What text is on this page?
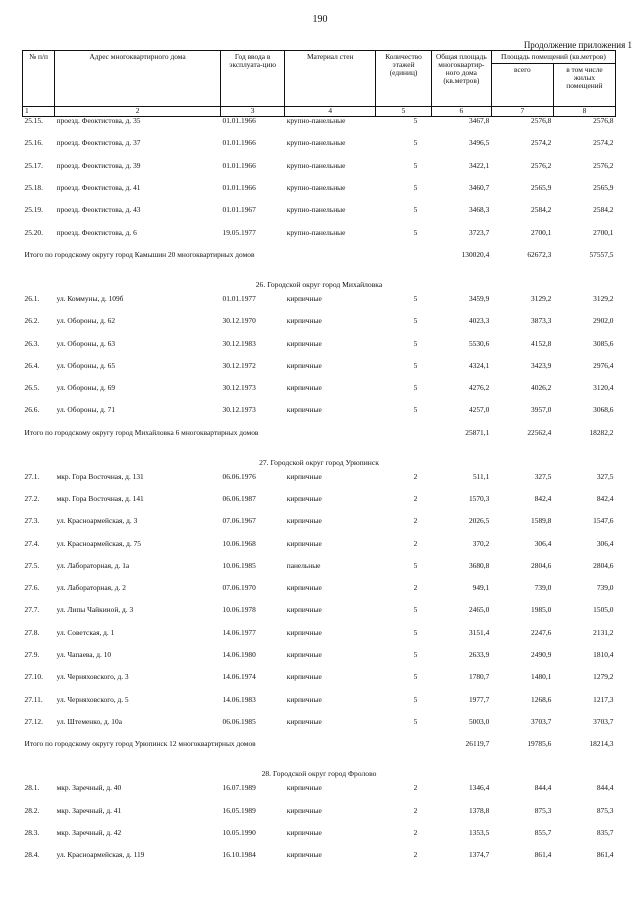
190
Продолжение приложения 1
№ п/п	Адрес многоквартирного дома	Год ввода в эксплуата-цию	Материал стен	Количество этажей (единиц)	Общая площадь многоквартир-ного дома (кв.метров)	Площадь помещений (кв.метров)	
						всего	в том числе жилых помещений
1	2	3	4	5	6	7	8
25.15.	проезд. Феоктистова, д. 35	01.01.1966	крупно-панельные	5	3467,8	2576,8	2576,8
25.16.	проезд. Феоктистова, д. 37	01.01.1966	крупно-панельные	5	3496,5	2574,2	2574,2
25.17.	проезд. Феоктистова, д. 39	01.01.1966	крупно-панельные	5	3422,1	2576,2	2576,2
25.18.	проезд. Феоктистова, д. 41	01.01.1966	крупно-панельные	5	3460,7	2565,9	2565,9
25.19.	проезд. Феоктистова, д. 43	01.01.1967	крупно-панельные	5	3468,3	2584,2	2584,2
25.20.	проезд. Феоктистова, д. 6	19.05.1977	крупно-панельные	5	3723,7	2700,1	2700,1
Итого по городскому округу город Камышин 20 многоквартирных домов					130020,4	62672,3	57557,5
26. Городской округ город Михайловка							
26.1.	ул. Коммуны, д. 109б	01.01.1977	кирпичные	5	3459,9	3129,2	3129,2
26.2.	ул. Обороны, д. 62	30.12.1970	кирпичные	5	4023,3	3873,3	2902,0
26.3.	ул. Обороны, д. 63	30.12.1983	кирпичные	5	5530,6	4152,8	3085,6
26.4.	ул. Обороны, д. 65	30.12.1972	кирпичные	5	4324,1	3423,9	2976,4
26.5.	ул. Обороны, д. 69	30.12.1973	кирпичные	5	4276,2	4026,2	3120,4
26.6.	ул. Обороны, д. 71	30.12.1973	кирпичные	5	4257,0	3957,0	3068,6
Итого по городскому округу город Михайловка 6 многоквартирных домов					25871,1	22562,4	18282,2
27. Городской округ город Урюпинск							
27.1.	мкр. Гора Восточная, д. 131	06.06.1976	кирпичные	2	511,1	327,5	327,5
27.2.	мкр. Гора Восточная, д. 141	06.06.1987	кирпичные	2	1570,3	842,4	842,4
27.3.	ул. Красноармейская, д. 3	07.06.1967	кирпичные	2	2026,5	1589,8	1547,6
27.4.	ул. Красноармейская, д. 75	10.06.1968	кирпичные	2	370,2	306,4	306,4
27.5.	ул. Лабораторная, д. 1а	10.06.1985	панельные	5	3680,8	2804,6	2804,6
27.6.	ул. Лабораторная, д. 2	07.06.1970	кирпичные	2	949,1	739,0	739,0
27.7.	ул. Липы Чайкиной, д. 3	10.06.1978	кирпичные	5	2465,0	1985,0	1505,0
27.8.	ул. Советская, д. 1	14.06.1977	кирпичные	5	3151,4	2247,6	2131,2
27.9.	ул. Чапаева, д. 10	14.06.1980	кирпичные	5	2633,9	2490,9	1810,4
27.10.	ул. Черняховского, д. 3	14.06.1974	кирпичные	5	1780,7	1480,1	1279,2
27.11.	ул. Черняховского, д. 5	14.06.1983	кирпичные	5	1977,7	1268,6	1217,3
27.12.	ул. Штеменко, д. 10а	06.06.1985	кирпичные	5	5003,0	3703,7	3703,7
Итого по городскому округу город Урюпинск 12 многоквартирных домов					26119,7	19785,6	18214,3
28. Городской округ город Фролово							
28.1.	мкр. Заречный, д. 40	16.07.1989	кирпичные	2	1346,4	844,4	844,4
28.2.	мкр. Заречный, д. 41	16.05.1989	кирпичные	2	1378,8	875,3	875,3
28.3.	мкр. Заречный, д. 42	10.05.1990	кирпичные	2	1353,5	855,7	835,7
28.4.	ул. Красноармейская, д. 119	16.10.1984	кирпичные	2	1374,7	861,4	861,4
